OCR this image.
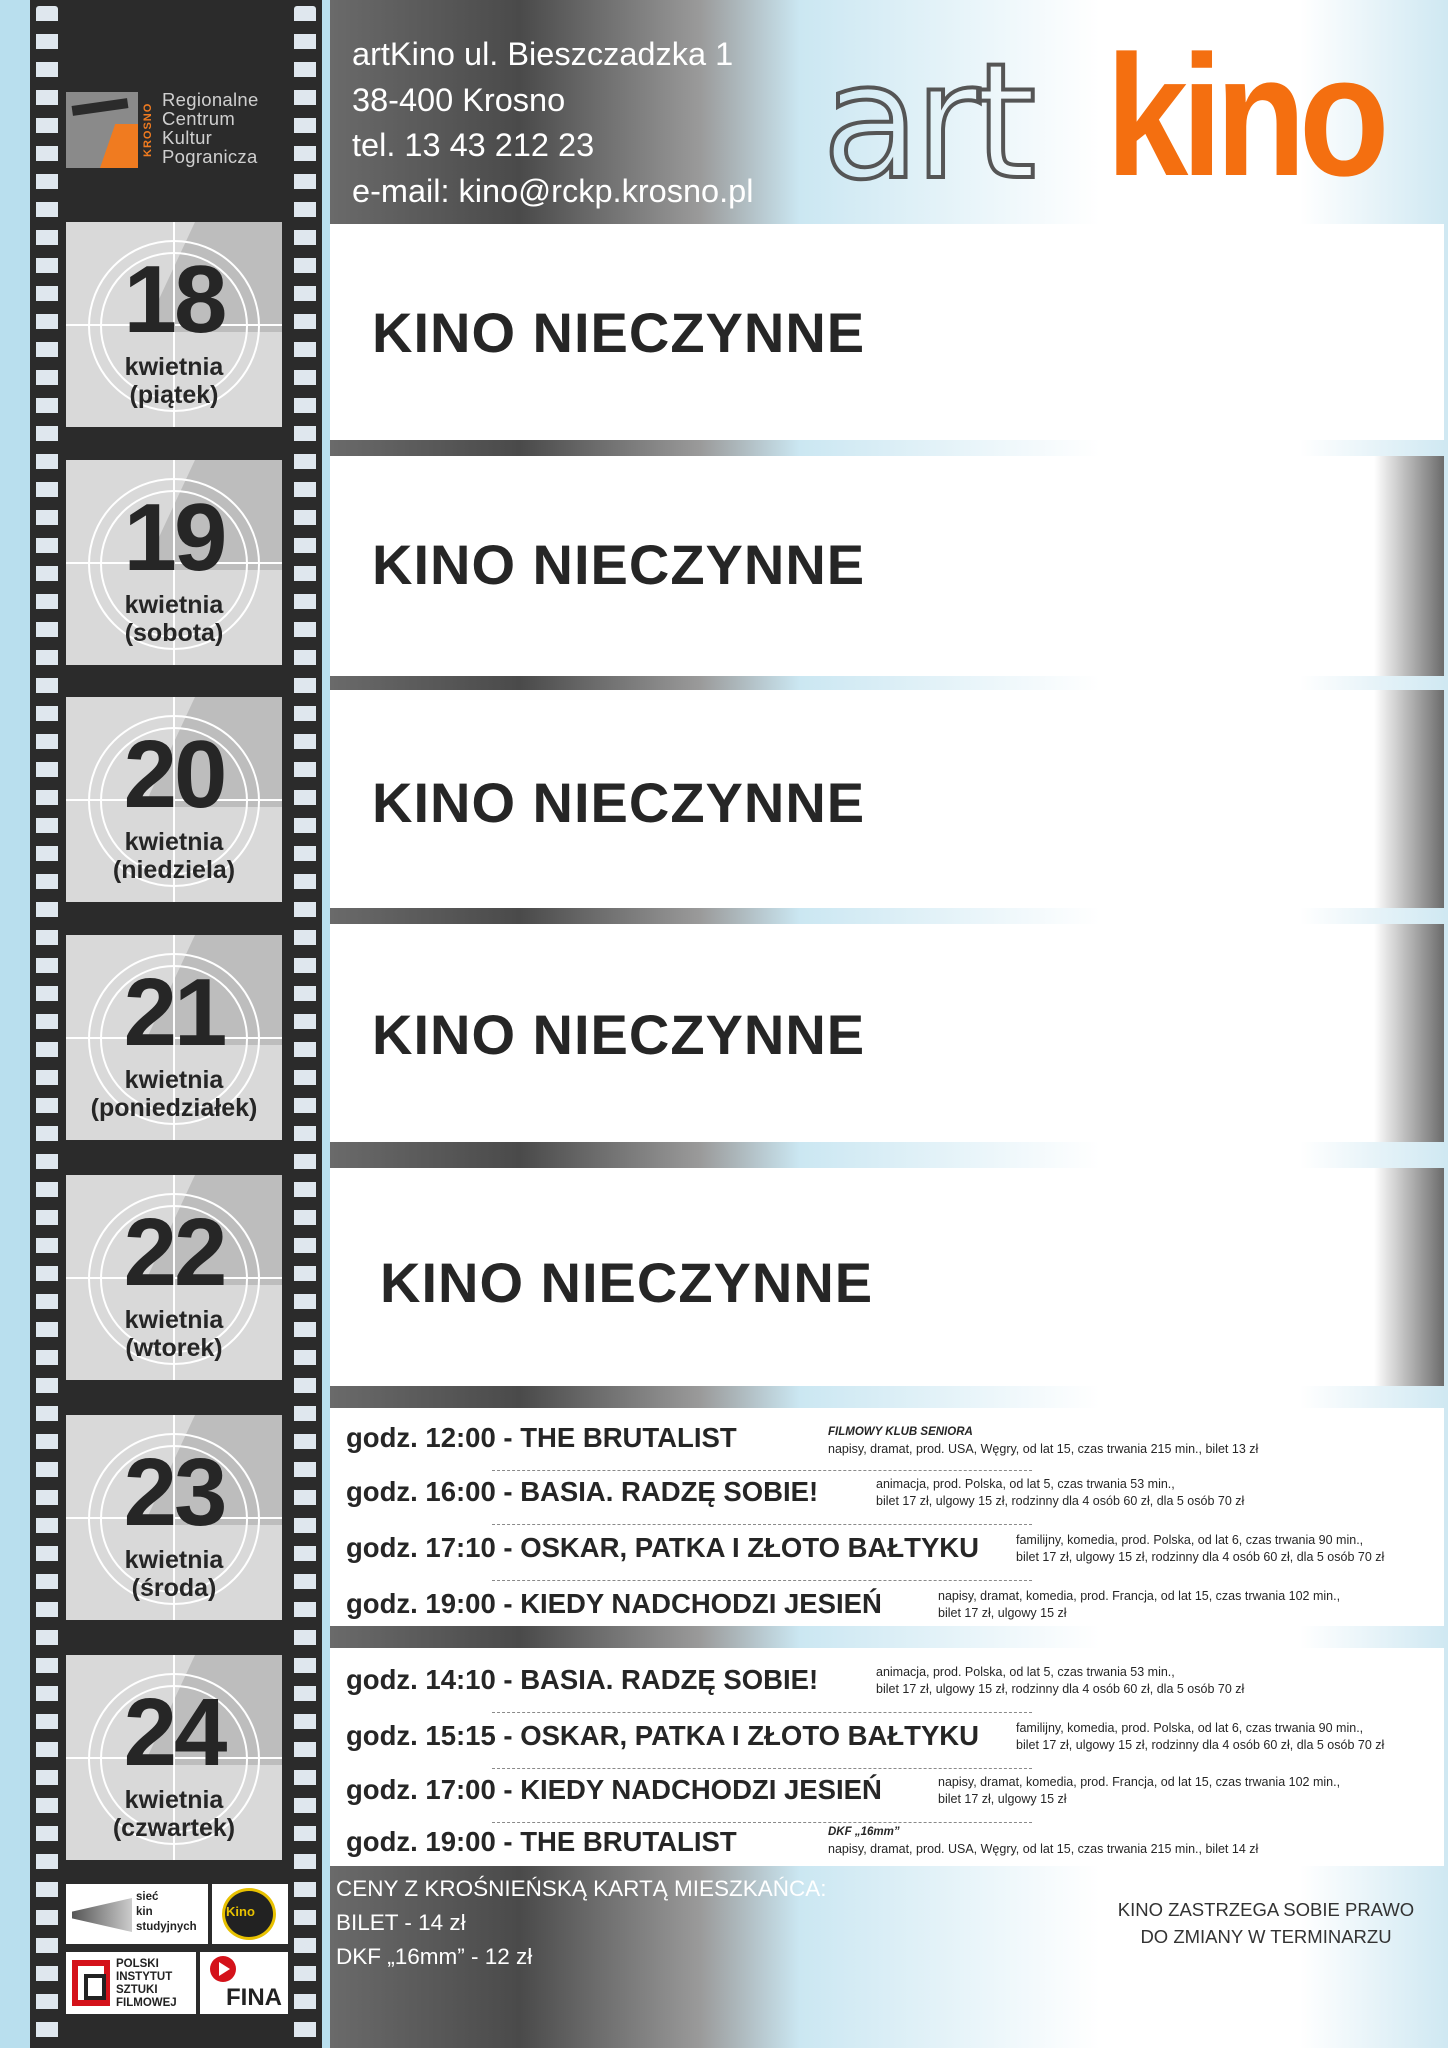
KROSNO
Regionalne
Centrum
Kultur
Pogranicza
18
kwietnia
(piątek)
19
kwietnia
(sobota)
20
kwietnia
(niedziela)
21
kwietnia
(poniedziałek)
22
kwietnia
(wtorek)
23
kwietnia
(środa)
24
kwietnia
(czwartek)
artKino ul. Bieszczadzka 1
38-400 Krosno
tel. 13 43 212 23
e-mail: kino@rckp.krosno.pl art kino
KINO NIECZYNNE
KINO NIECZYNNE
KINO NIECZYNNE
KINO NIECZYNNE
KINO NIECZYNNE
godz. 12:00 - THE BRUTALIST	FILMOWY KLUB SENIORA
napisy, dramat, prod. USA, Węgry, od lat 15, czas trwania 215 min., bilet 13 zł
godz. 16:00 - BASIA. RADZĘ SOBIE!	animacja, prod. Polska, od lat 5, czas trwania 53 min.,
bilet 17 zł, ulgowy 15 zł, rodzinny dla 4 osób 60 zł, dla 5 osób 70 zł
godz. 17:10 - OSKAR, PATKA I ZŁOTO BAŁTYKU	familijny, komedia, prod. Polska, od lat 6, czas trwania 90 min.,
bilet 17 zł, ulgowy 15 zł, rodzinny dla 4 osób 60 zł, dla 5 osób 70 zł
godz. 19:00 - KIEDY NADCHODZI JESIEŃ	napisy, dramat, komedia, prod. Francja, od lat 15, czas trwania 102 min.,
bilet 17 zł, ulgowy 15 zł
godz. 14:10 - BASIA. RADZĘ SOBIE!	animacja, prod. Polska, od lat 5, czas trwania 53 min.,
bilet 17 zł, ulgowy 15 zł, rodzinny dla 4 osób 60 zł, dla 5 osób 70 zł
godz. 15:15 - OSKAR, PATKA I ZŁOTO BAŁTYKU	familijny, komedia, prod. Polska, od lat 6, czas trwania 90 min.,
bilet 17 zł, ulgowy 15 zł, rodzinny dla 4 osób 60 zł, dla 5 osób 70 zł
godz. 17:00 - KIEDY NADCHODZI JESIEŃ	napisy, dramat, komedia, prod. Francja, od lat 15, czas trwania 102 min.,
bilet 17 zł, ulgowy 15 zł
godz. 19:00 - THE BRUTALIST	DKF „16mm”
napisy, dramat, prod. USA, Węgry, od lat 15, czas trwania 215 min., bilet 14 zł
CENY Z KROŚNIEŃSKĄ KARTĄ MIESZKAŃCA:
BILET - 14 zł
DKF „16mm” - 12 zł
KINO ZASTRZEGA SOBIE PRAWO
DO ZMIANY W TERMINARZU
sieć
kin
studyjnych
Kino
POLSKI
INSTYTUT
SZTUKI
FILMOWEJ FINA
